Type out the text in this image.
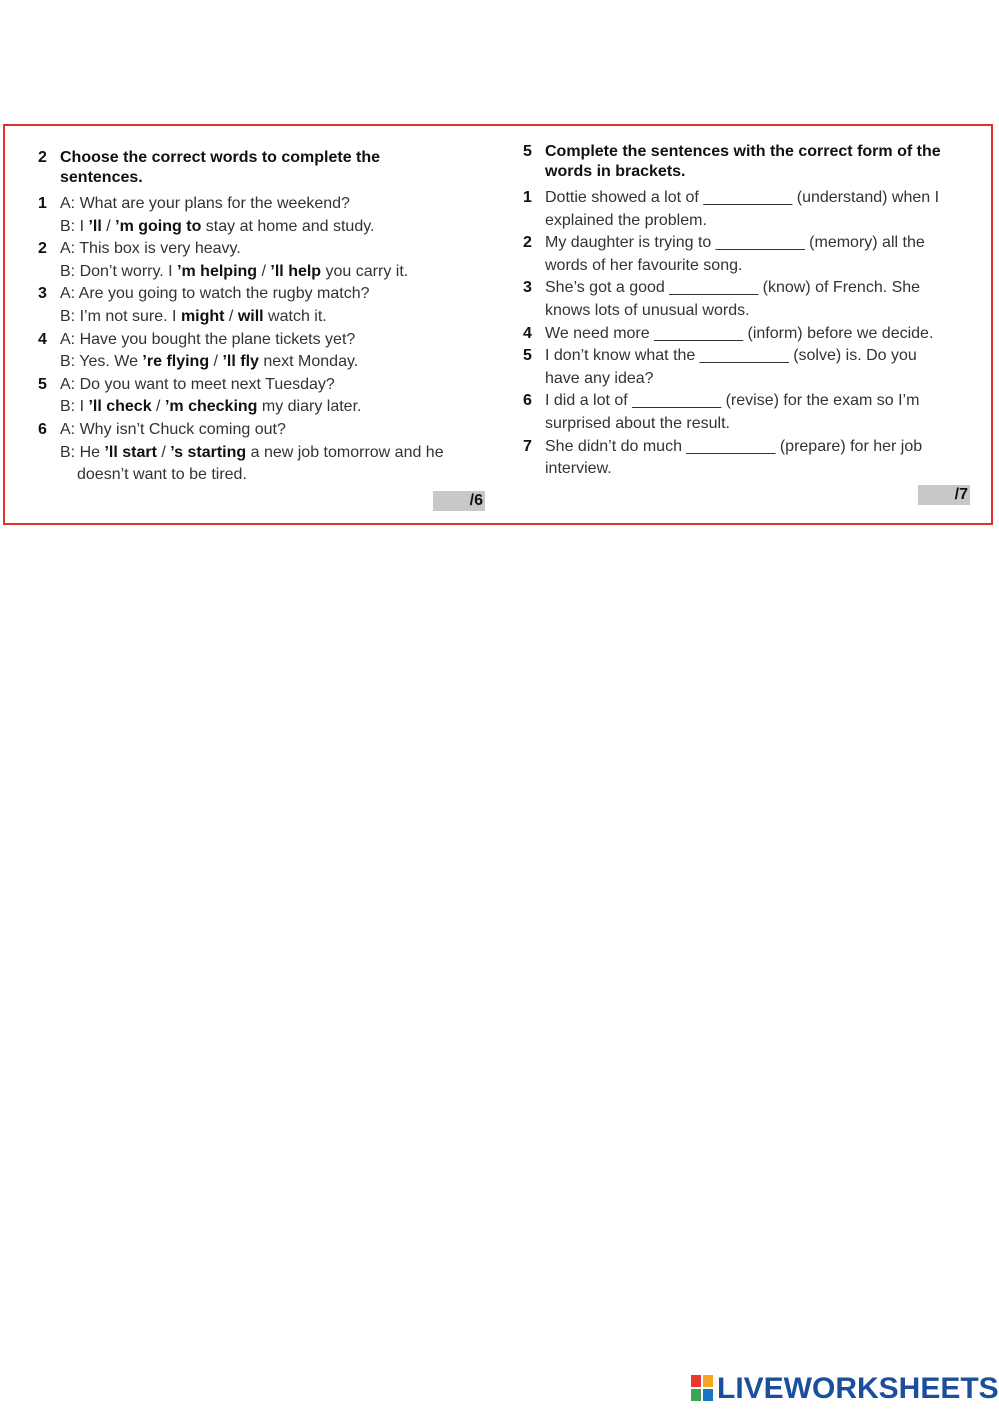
2 Choose the correct words to complete the sentences.
1 A: What are your plans for the weekend?
B: I ’ll / ’m going to stay at home and study.
2 A: This box is very heavy.
B: Don’t worry. I ’m helping / ’ll help you carry it.
3 A: Are you going to watch the rugby match?
B: I’m not sure. I might / will watch it.
4 A: Have you bought the plane tickets yet?
B: Yes. We ’re flying / ’ll fly next Monday.
5 A: Do you want to meet next Tuesday?
B: I ’ll check / ’m checking my diary later.
6 A: Why isn’t Chuck coming out?
B: He ’ll start / ’s starting a new job tomorrow and he
doesn’t want to be tired.
/6
5 Complete the sentences with the correct form of the words in brackets.
1 Dottie showed a lot of __________ (understand) when I
explained the problem.
2 My daughter is trying to __________ (memory) all the
words of her favourite song.
3 She’s got a good __________ (know) of French. She
knows lots of unusual words.
4 We need more __________ (inform) before we decide.
5 I don’t know what the __________ (solve) is. Do you
have any idea?
6 I did a lot of __________ (revise) for the exam so I’m
surprised about the result.
7 She didn’t do much __________ (prepare) for her job
interview.
/7
LIVEWORKSHEETS
